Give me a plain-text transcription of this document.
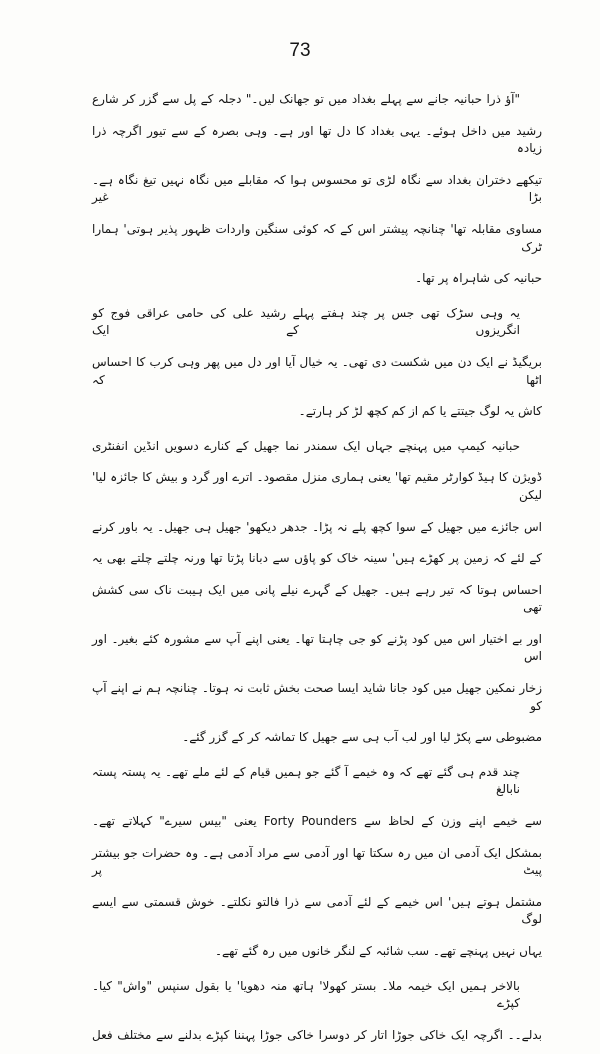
73
"آؤ ذرا حبانیہ جانے سے پہلے بغداد میں تو جھانک لیں۔" دجلہ کے پل سے گزر کر شارع
رشید میں داخل ہوئے۔ یہی بغداد کا دل تھا اور ہے۔ وہی بصرہ کے سے تیور اگرچہ ذرا زیادہ
تیکھے دختران بغداد سے نگاہ لڑی تو محسوس ہوا کہ مقابلے میں نگاہ نہیں تیغ نگاہ ہے۔ بڑا غیر
مساوی مقابلہ تھا' چنانچہ پیشتر اس کے کہ کوئی سنگین واردات ظہور پذیر ہوتی' ہمارا ٹرک
حبانیہ کی شاہراہ پر تھا۔
یہ وہی سڑک تھی جس پر چند ہفتے پہلے رشید علی کی حامی عراقی فوج کو انگریزوں کے ایک
بریگیڈ نے ایک دن میں شکست دی تھی۔ یہ خیال آیا اور دل میں پھر وہی کرب کا احساس اٹھا کہ
کاش یہ لوگ جیتتے یا کم از کم کچھ لڑ کر ہارتے۔
حبانیہ کیمپ میں پہنچے جہاں ایک سمندر نما جھیل کے کنارے دسویں انڈین انفنٹری
ڈویژن کا ہیڈ کوارٹر مقیم تھا' یعنی ہماری منزل مقصود۔ اترے اور گرد و بیش کا جائزہ لیا' لیکن
اس جائزے میں جھیل کے سوا کچھ پلے نہ پڑا۔ جدھر دیکھو' جھیل ہی جھیل۔ یہ باور کرنے
کے لئے کہ زمین پر کھڑے ہیں' سینہ خاک کو پاؤں سے دبانا پڑتا تھا ورنہ چلتے چلتے بھی یہ
احساس ہوتا کہ تیر رہے ہیں۔ جھیل کے گہرے نیلے پانی میں ایک ہیبت ناک سی کشش تھی
اور بے اختیار اس میں کود پڑنے کو جی چاہتا تھا۔ یعنی اپنے آپ سے مشورہ کئے بغیر۔ اور اس
زخار نمکین جھیل میں کود جانا شاید ایسا صحت بخش ثابت نہ ہوتا۔ چنانچہ ہم نے اپنے آپ کو
مضبوطی سے پکڑ لیا اور لب آب ہی سے جھیل کا تماشہ کر کے گزر گئے۔
چند قدم ہی گئے تھے کہ وہ خیمے آ گئے جو ہمیں قیام کے لئے ملے تھے۔ یہ پستہ پستہ نابالغ
سے خیمے اپنے وزن کے لحاظ سے Forty Pounders یعنی "بیس سیرے" کہلاتے تھے۔
بمشکل ایک آدمی ان میں رہ سکتا تھا اور آدمی سے مراد آدمی ہے۔ وہ حضرات جو بیشتر پیٹ پر
مشتمل ہوتے ہیں' اس خیمے کے لئے آدمی سے ذرا فالتو نکلتے۔ خوش قسمتی سے ایسے لوگ
یہاں نہیں پہنچے تھے۔ سب شائبہ کے لنگر خانوں میں رہ گئے تھے۔
بالاخر ہمیں ایک خیمہ ملا۔ بستر کھولا' ہاتھ منہ دھویا' یا بقول سنپس "واش" کیا۔ کپڑے
بدلے۔۔ اگرچہ ایک خاکی جوڑا اتار کر دوسرا خاکی جوڑا پہننا کپڑے بدلنے سے مختلف فعل
